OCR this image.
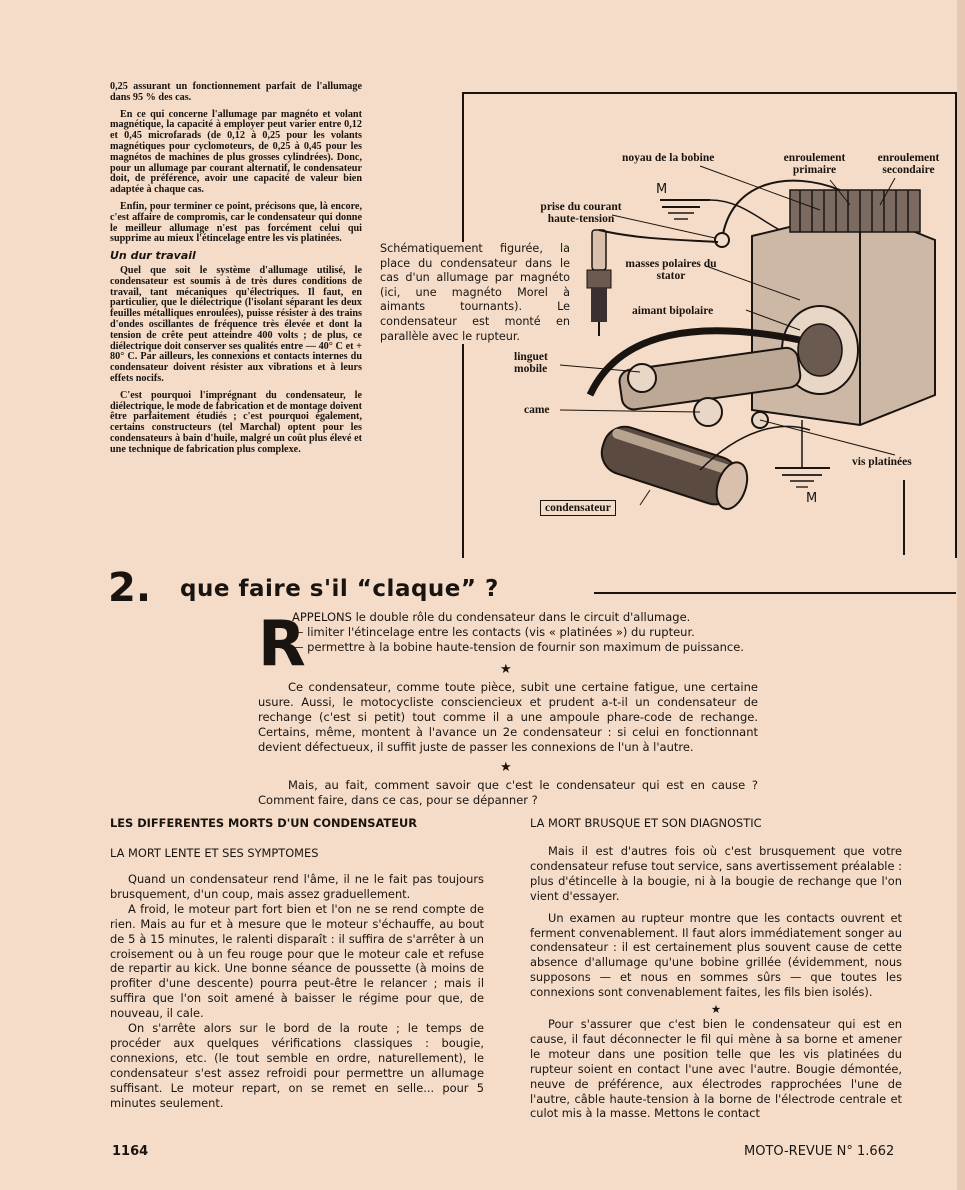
0,25 assurant un fonctionnement parfait de l'allumage dans 95 % des cas.

En ce qui concerne l'allumage par magnéto et volant magnétique, la capacité à employer peut varier entre 0,12 et 0,45 microfarads (de 0,12 à 0,25 pour les volants magnétiques pour cyclomoteurs, de 0,25 à 0,45 pour les magnétos de machines de plus grosses cylindrées). Donc, pour un allumage par courant alternatif, le condensateur doit, de préférence, avoir une capacité de valeur bien adaptée à chaque cas.

Enfin, pour terminer ce point, précisons que, là encore, c'est affaire de compromis, car le condensateur qui donne le meilleur allumage n'est pas forcément celui qui supprime au mieux l'étincelage entre les vis platinées.

Un dur travail

Quel que soit le système d'allumage utilisé, le condensateur est soumis à de très dures conditions de travail, tant mécaniques qu'électriques. Il faut, en particulier, que le diélectrique (l'isolant séparant les deux feuilles métalliques enroulées), puisse résister à des trains d'ondes oscillantes de fréquence très élevée et dont la tension de crête peut atteindre 400 volts ; de plus, ce diélectrique doit conserver ses qualités entre — 40° C et + 80° C. Par ailleurs, les connexions et contacts internes du condensateur doivent résister aux vibrations et à leurs effets nocifs.

C'est pourquoi l'imprégnant du condensateur, le diélectrique, le mode de fabrication et de montage doivent être parfaitement étudiés ; c'est pourquoi également, certains constructeurs (tel Marchal) optent pour les condensateurs à bain d'huile, malgré un coût plus élevé et une technique de fabrication plus complexe.

Schématiquement figurée, la place du condensateur dans le cas d'un allumage par magnéto (ici, une magnéto Morel à aimants tournants). Le condensateur est monté en parallèle avec le rupteur.
noyau de la bobine	enroulement primaire
enroulement secondaire
prise du courant haute-tension
masses polaires du stator
aimant bipolaire
linguet mobile
came
vis platinées
condensateur
M
M
2. que faire s'il “claque” ?
R

APPELONS le double rôle du condensateur dans le circuit d'allumage.

— limiter l'étincelage entre les contacts (vis « platinées ») du rupteur.

— permettre à la bobine haute-tension de fournir son maximum de puissance.

★

Ce condensateur, comme toute pièce, subit une certaine fatigue, une certaine usure. Aussi, le motocycliste consciencieux et prudent a-t-il un condensateur de rechange (c'est si petit) tout comme il a une ampoule phare-code de rechange. Certains, même, montent à l'avance un 2e condensateur : si celui en fonctionnant devient défectueux, il suffit juste de passer les connexions de l'un à l'autre.

★

Mais, au fait, comment savoir que c'est le condensateur qui est en cause ? Comment faire, dans ce cas, pour se dépanner ?

LES DIFFERENTES MORTS D'UN CONDENSATEUR
LA MORT LENTE ET SES SYMPTOMES

Quand un condensateur rend l'âme, il ne le fait pas toujours brusquement, d'un coup, mais assez graduellement.

A froid, le moteur part fort bien et l'on ne se rend compte de rien. Mais au fur et à mesure que le moteur s'échauffe, au bout de 5 à 15 minutes, le ralenti disparaît : il suffira de s'arrêter à un croisement ou à un feu rouge pour que le moteur cale et refuse de repartir au kick. Une bonne séance de poussette (à moins de profiter d'une descente) pourra peut-être le relancer ; mais il suffira que l'on soit amené à baisser le régime pour que, de nouveau, il cale.

On s'arrête alors sur le bord de la route ; le temps de procéder aux quelques vérifications classiques : bougie, connexions, etc. (le tout semble en ordre, naturellement), le condensateur s'est assez refroidi pour permettre un allumage suffisant. Le moteur repart, on se remet en selle... pour 5 minutes seulement.

LA MORT BRUSQUE ET SON DIAGNOSTIC

Mais il est d'autres fois où c'est brusquement que votre condensateur refuse tout service, sans avertissement préalable : plus d'étincelle à la bougie, ni à la bougie de rechange que l'on vient d'essayer.

Un examen au rupteur montre que les contacts ouvrent et ferment convenablement. Il faut alors immédiatement songer au condensateur : il est certainement plus souvent cause de cette absence d'allumage qu'une bobine grillée (évidemment, nous supposons — et nous en sommes sûrs — que toutes les connexions sont convenablement faites, les fils bien isolés).

★

Pour s'assurer que c'est bien le condensateur qui est en cause, il faut déconnecter le fil qui mène à sa borne et amener le moteur dans une position telle que les vis platinées du rupteur soient en contact l'une avec l'autre. Bougie démontée, neuve de préférence, aux électrodes rapprochées l'une de l'autre, câble haute-tension à la borne de l'électrode centrale et culot mis à la masse. Mettons le contact

1164	MOTO-REVUE N° 1.662
